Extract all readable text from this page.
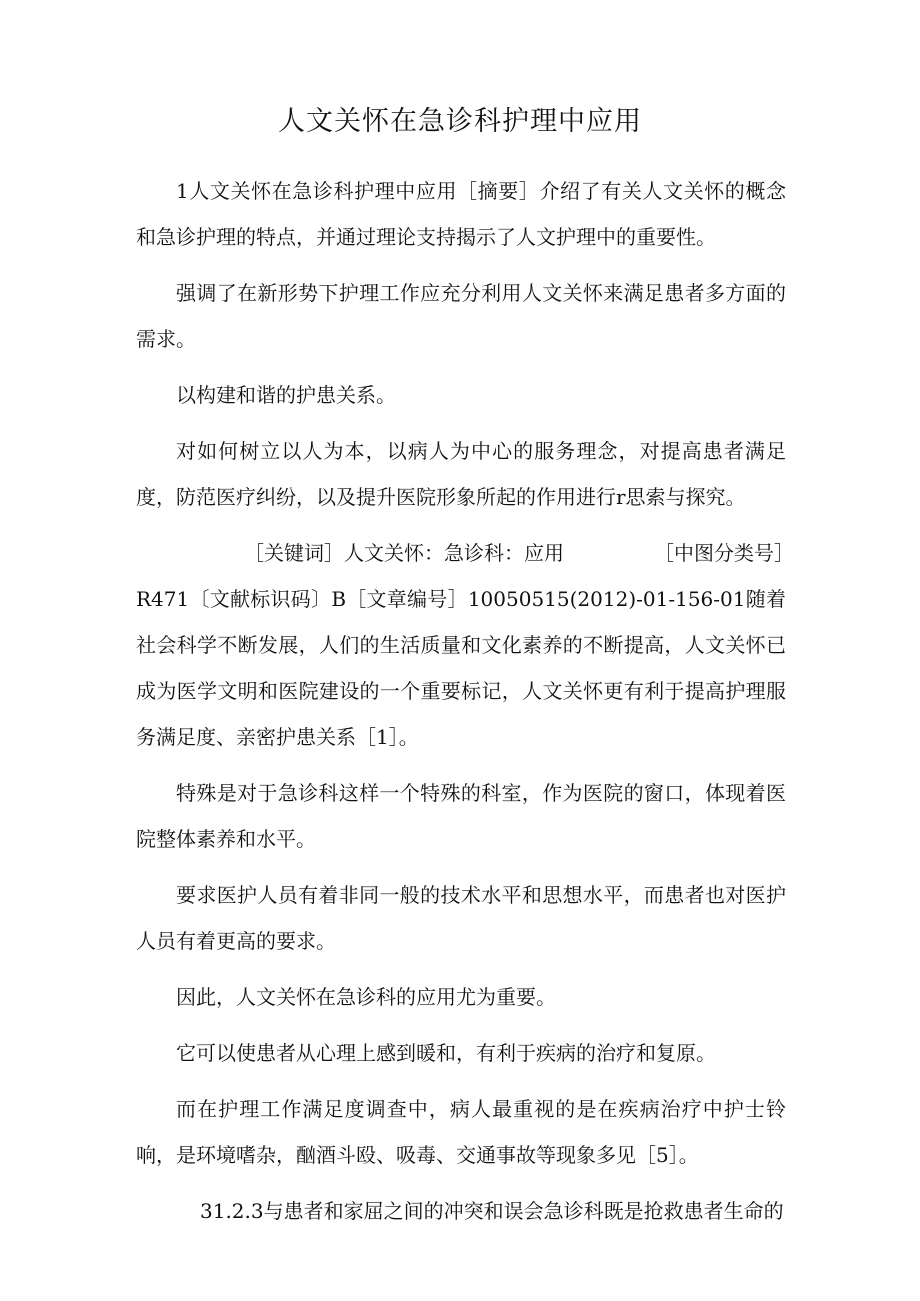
人文关怀在急诊科护理中应用

1人文关怀在急诊科护理中应用［摘要］介绍了有关人文关怀的概念和急诊护理的特点，并通过理论支持揭示了人文护理中的重要性。

强调了在新形势下护理工作应充分利用人文关怀来满足患者多方面的需求。

以构建和谐的护患关系。

对如何树立以人为本，以病人为中心的服务理念，对提高患者满足度，防范医疗纠纷，以及提升医院形象所起的作用进行r思索与探究。

［关键词］人文关怀：急诊科：应用	［中图分类号］

R471〔文献标识码〕B［文章编号］10050515(2012)-01-156-01随着社会科学不断发展，人们的生活质量和文化素养的不断提高，人文关怀已成为医学文明和医院建设的一个重要标记，人文关怀更有利于提高护理服务满足度、亲密护患关系［1］。

特殊是对于急诊科这样一个特殊的科室，作为医院的窗口，体现着医院整体素养和水平。

要求医护人员有着非同一般的技术水平和思想水平，而患者也对医护人员有着更高的要求。

因此，人文关怀在急诊科的应用尤为重要。

它可以使患者从心理上感到暖和，有利于疾病的治疗和复原。

而在护理工作满足度调查中，病人最重视的是在疾病治疗中护士铃响，是环境嗜杂，酗酒斗殴、吸毒、交通事故等现象多见［5］。

31.2.3与患者和家屈之间的冲突和误会急诊科既是抢救患者生命的
